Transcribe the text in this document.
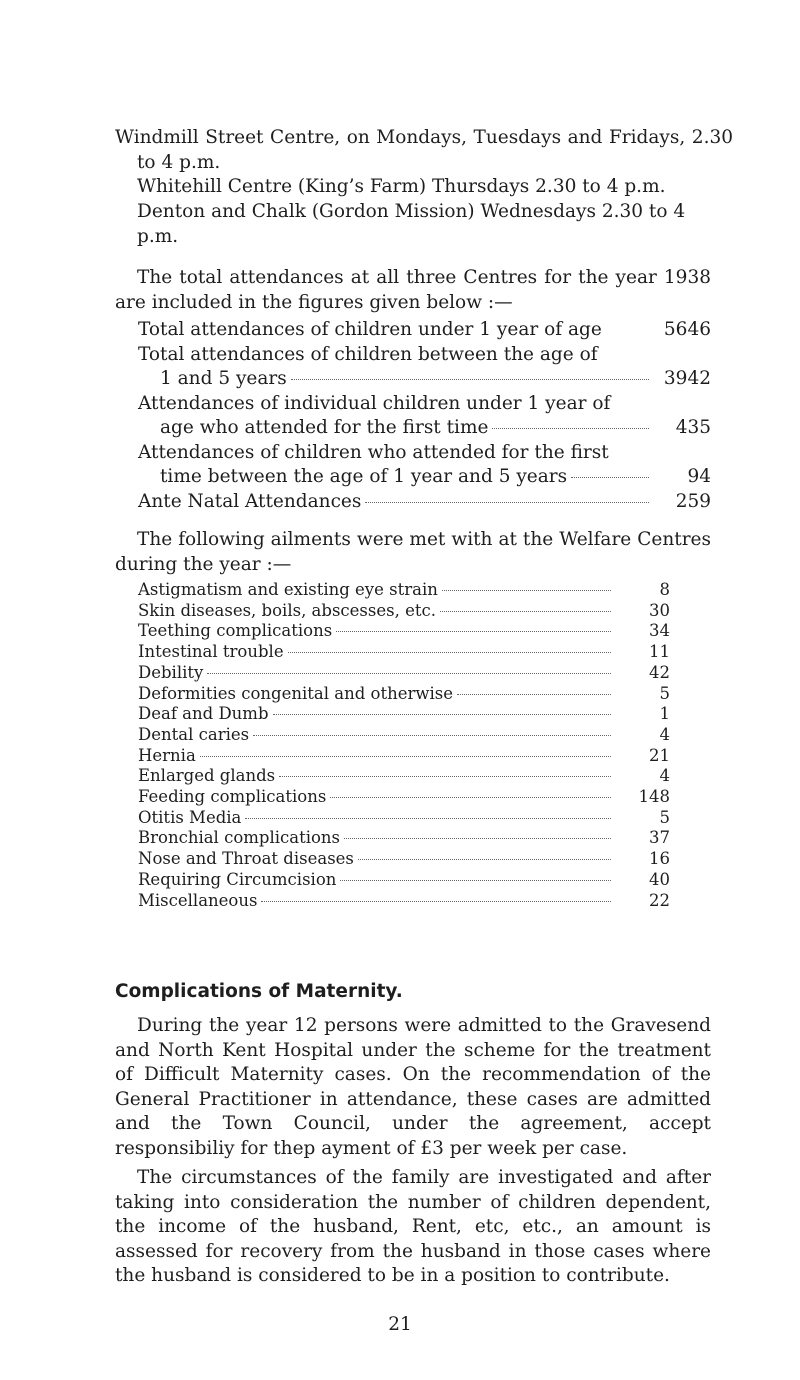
Windmill Street Centre, on Mondays, Tuesdays and Fridays, 2.30 to 4 p.m.
Whitehill Centre (King’s Farm) Thursdays 2.30 to 4 p.m.
Denton and Chalk (Gordon Mission) Wednesdays 2.30 to 4 p.m.
The total attendances at all three Centres for the year 1938 are included in the figures given below :—
Total attendances of children under 1 year of age	5646
Total attendances of children between the age of
1 and 5 years	3942
Attendances of individual children under 1 year of
age who attended for the first time	435
Attendances of children who attended for the first
time between the age of 1 year and 5 years	94
Ante Natal Attendances	259
The following ailments were met with at the Welfare Centres during the year :—
Astigmatism and existing eye strain	8
Skin diseases, boils, abscesses, etc.	30
Teething complications	34
Intestinal trouble	11
Debility	42
Deformities congenital and otherwise	5
Deaf and Dumb	1
Dental caries	4
Hernia	21
Enlarged glands	4
Feeding complications	148
Otitis Media	5
Bronchial complications	37
Nose and Throat diseases	16
Requiring Circumcision	40
Miscellaneous	22
Complications of Maternity.
During the year 12 persons were admitted to the Gravesend and North Kent Hospital under the scheme for the treatment of Difficult Maternity cases. On the recommendation of the General Practitioner in attendance, these cases are admitted and the Town Council, under the agreement, accept responsibiliy for thep ayment of £3 per week per case.
The circumstances of the family are investigated and after taking into consideration the number of children dependent, the income of the husband, Rent, etc, etc., an amount is assessed for recovery from the husband in those cases where the husband is considered to be in a position to contribute.
21
